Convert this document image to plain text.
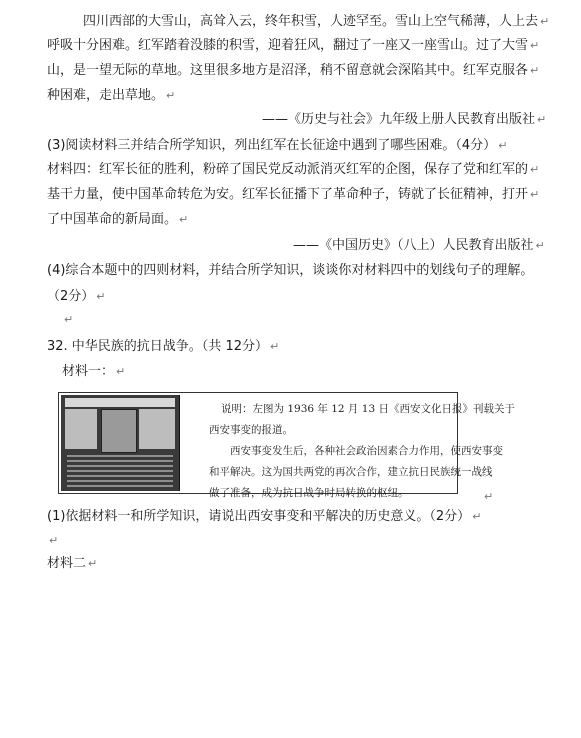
　　四川西部的大雪山，高耸入云，终年积雪，人迹罕至。雪山上空气稀薄，人上去 ↵
呼吸十分困难。红军踏着没膝的积雪，迎着狂风，翻过了一座又一座雪山。过了大雪 ↵
山，是一望无际的草地。这里很多地方是沼泽，稍不留意就会深陷其中。红军克服各 ↵
种困难，走出草地。 ↵
——《历史与社会》九年级上册人民教育出版社 ↵
(3)阅读材料三并结合所学知识，列出红军在长征途中遇到了哪些困难。（4分） ↵
材料四：红军长征的胜利，粉碎了国民党反动派消灭红军的企图，保存了党和红军的 ↵
基干力量，使中国革命转危为安。红军长征播下了革命种子，铸就了长征精神，打开 ↵
了中国革命的新局面。 ↵
——《中国历史》（八上）人民教育出版社 ↵
(4)综合本题中的四则材料，并结合所学知识，谈谈你对材料四中的划线句子的理解。
（2分） ↵
↵
32. 中华民族的抗日战争。（共 12分） ↵
材料一： ↵

说明：左图为 1936 年 12 月 13 日《西安文化日报》刊载关于

西安事变的报道。

　　西安事变发生后，各种社会政治因素合力作用，使西安事变

和平解决。这为国共两党的再次合作，建立抗日民族统一战线

做了准备，成为抗日战争时局转换的枢纽。	↵
(1)依据材料一和所学知识，请说出西安事变和平解决的历史意义。（2分） ↵
↵
材料二 ↵
